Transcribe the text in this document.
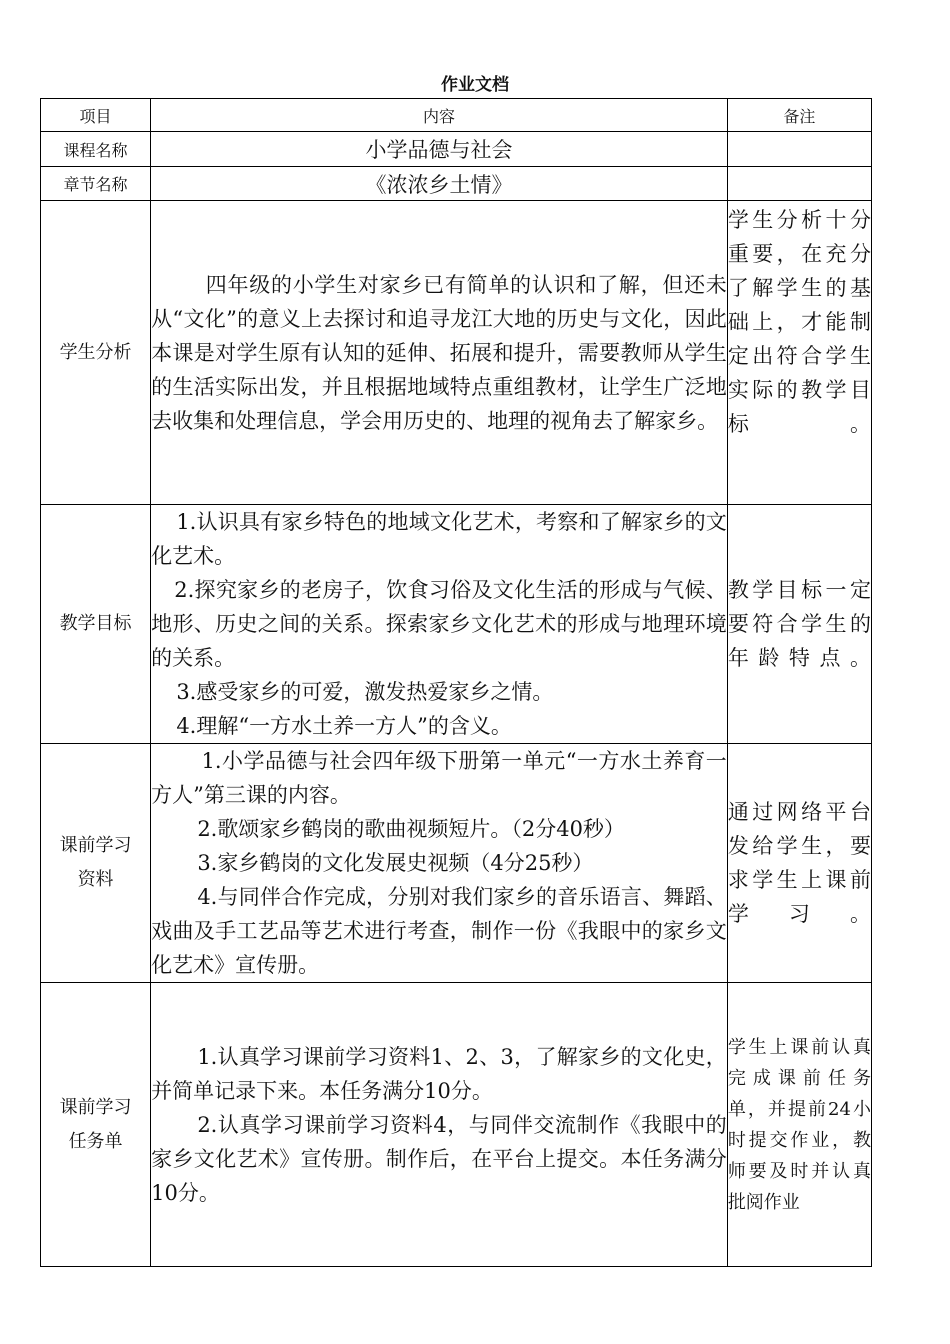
作业文档
项目	内容	备注
课程名称	小学品德与社会	
章节名称	《浓浓乡土情》	
学生分析	四年级的小学生对家乡已有简单的认识和了解，但还未从“文化”的意义上去探讨和追寻龙江大地的历史与文化，因此本课是对学生原有认知的延伸、拓展和提升，需要教师从学生的生活实际出发，并且根据地域特点重组教材，让学生广泛地去收集和处理信息，学会用历史的、地理的视角去了解家乡。	学生分析十分重要，在充分了解学生的基础上，才能制定出符合学生实际的教学目标。
教学目标	1.认识具有家乡特色的地域文化艺术，考察和了解家乡的文化艺术。

2.探究家乡的老房子，饮食习俗及文化生活的形成与气候、地形、历史之间的关系。探索家乡文化艺术的形成与地理环境的关系。

3.感受家乡的可爱，激发热爱家乡之情。

4.理解“一方水土养一方人”的含义。	教学目标一定要符合学生的年龄特点。
课前学习资料	1.小学品德与社会四年级下册第一单元“一方水土养育一方人”第三课的内容。

2.歌颂家乡鹤岗的歌曲视频短片。（2分40秒）

3.家乡鹤岗的文化发展史视频（4分25秒）

4.与同伴合作完成，分别对我们家乡的音乐语言、舞蹈、戏曲及手工艺品等艺术进行考查，制作一份《我眼中的家乡文化艺术》宣传册。	通过网络平台发给学生，要求学生上课前学习。
课前学习任务单	1.认真学习课前学习资料1、2、3，了解家乡的文化史，并简单记录下来。本任务满分10分。

2.认真学习课前学习资料4，与同伴交流制作《我眼中的家乡文化艺术》宣传册。制作后，在平台上提交。本任务满分10分。	学生上课前认真完成课前任务单，并提前24小时提交作业，教师要及时并认真批阅作业
